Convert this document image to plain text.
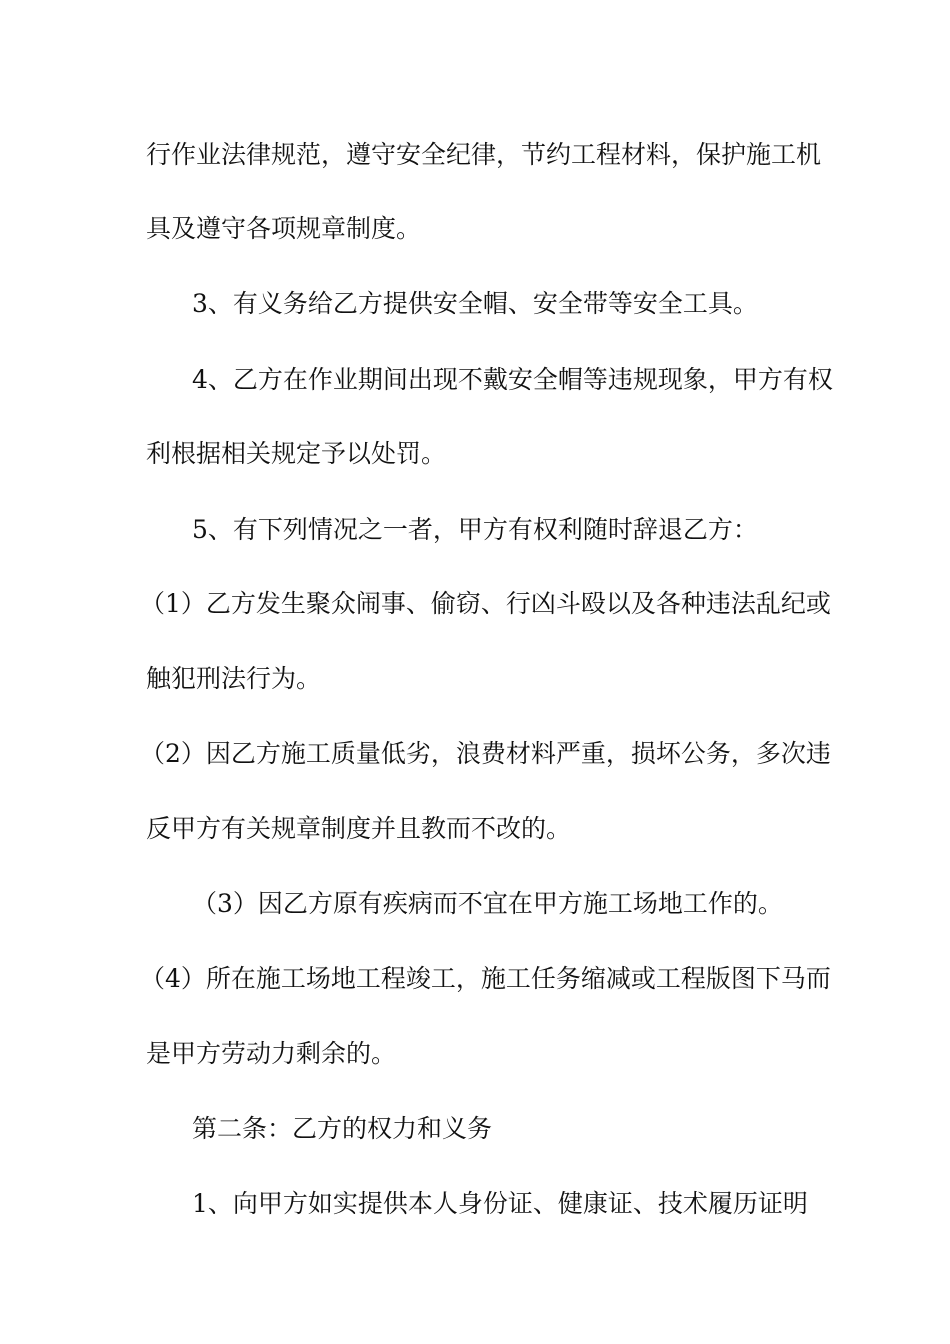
行作业法律规范，遵守安全纪律，节约工程材料，保护施工机
具及遵守各项规章制度。
3、有义务给乙方提供安全帽、安全带等安全工具。
4、乙方在作业期间出现不戴安全帽等违规现象，甲方有权
利根据相关规定予以处罚。
5、有下列情况之一者，甲方有权利随时辞退乙方：
（1）乙方发生聚众闹事、偷窃、行凶斗殴以及各种违法乱纪或
触犯刑法行为。
（2）因乙方施工质量低劣，浪费材料严重，损坏公务，多次违
反甲方有关规章制度并且教而不改的。
（3）因乙方原有疾病而不宜在甲方施工场地工作的。
（4）所在施工场地工程竣工，施工任务缩减或工程版图下马而
是甲方劳动力剩余的。
第二条：乙方的权力和义务
1、向甲方如实提供本人身份证、健康证、技术履历证明
